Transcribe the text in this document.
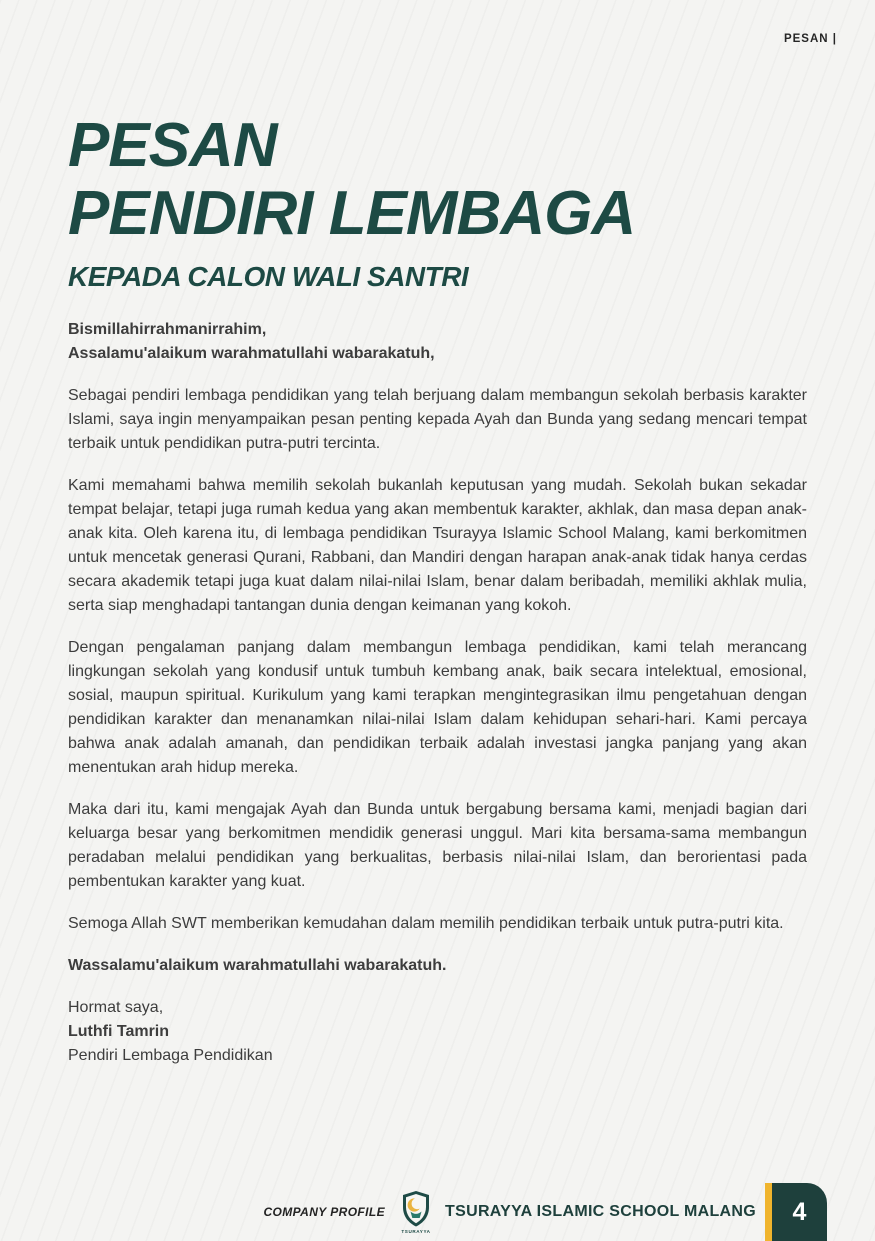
PESAN |
PESAN
PENDIRI LEMBAGA
KEPADA CALON WALI SANTRI

Bismillahirrahmanirrahim,
Assalamu'alaikum warahmatullahi wabarakatuh,

Sebagai pendiri lembaga pendidikan yang telah berjuang dalam membangun sekolah berbasis karakter Islami, saya ingin menyampaikan pesan penting kepada Ayah dan Bunda yang sedang mencari tempat terbaik untuk pendidikan putra-putri tercinta.

Kami memahami bahwa memilih sekolah bukanlah keputusan yang mudah. Sekolah bukan sekadar tempat belajar, tetapi juga rumah kedua yang akan membentuk karakter, akhlak, dan masa depan anak-anak kita. Oleh karena itu, di lembaga pendidikan Tsurayya Islamic School Malang, kami berkomitmen untuk mencetak generasi Qurani, Rabbani, dan Mandiri dengan harapan anak-anak tidak hanya cerdas secara akademik tetapi juga kuat dalam nilai-nilai Islam, benar dalam beribadah, memiliki akhlak mulia, serta siap menghadapi tantangan dunia dengan keimanan yang kokoh.

Dengan pengalaman panjang dalam membangun lembaga pendidikan, kami telah merancang lingkungan sekolah yang kondusif untuk tumbuh kembang anak, baik secara intelektual, emosional, sosial, maupun spiritual. Kurikulum yang kami terapkan mengintegrasikan ilmu pengetahuan dengan pendidikan karakter dan menanamkan nilai-nilai Islam dalam kehidupan sehari-hari. Kami percaya bahwa anak adalah amanah, dan pendidikan terbaik adalah investasi jangka panjang yang akan menentukan arah hidup mereka.

Maka dari itu, kami mengajak Ayah dan Bunda untuk bergabung bersama kami, menjadi bagian dari keluarga besar yang berkomitmen mendidik generasi unggul. Mari kita bersama-sama membangun peradaban melalui pendidikan yang berkualitas, berbasis nilai-nilai Islam, dan berorientasi pada pembentukan karakter yang kuat.

Semoga Allah SWT memberikan kemudahan dalam memilih pendidikan terbaik untuk putra-putri kita.

Wassalamu'alaikum warahmatullahi wabarakatuh.

Hormat saya,
Luthfi Tamrin
Pendiri Lembaga Pendidikan
COMPANY PROFILE
TSURAYYA
TSURAYYA ISLAMIC SCHOOL MALANG 4
